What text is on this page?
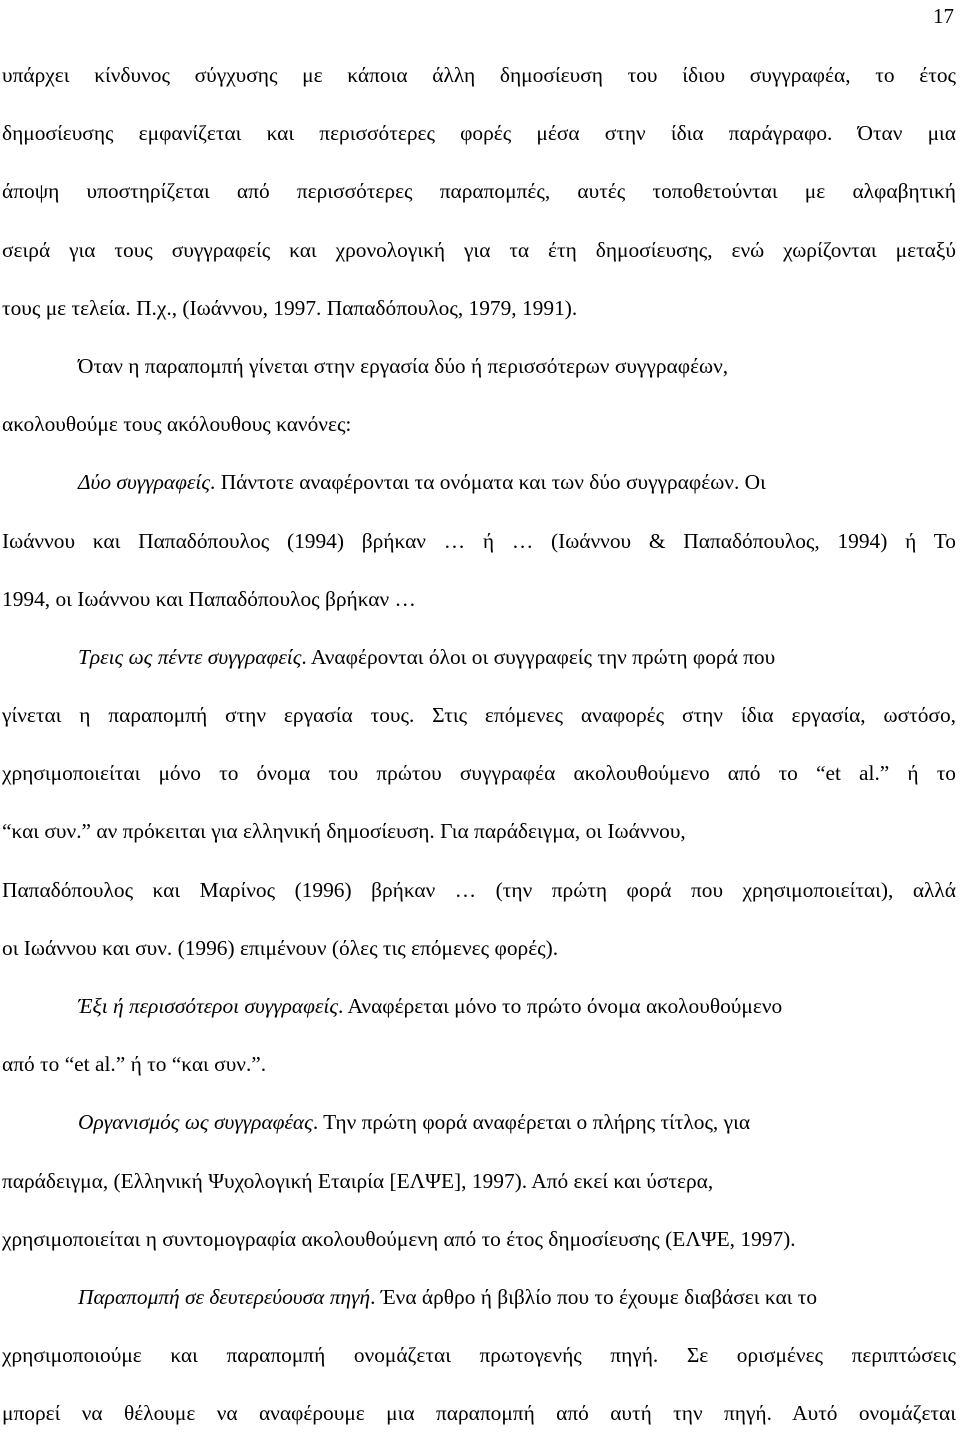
17
υπάρχει κίνδυνος σύγχυσης με κάποια άλλη δημοσίευση του ίδιου συγγραφέα, το έτος
δημοσίευσης εμφανίζεται και περισσότερες φορές μέσα στην ίδια παράγραφο. Όταν μια
άποψη υποστηρίζεται από περισσότερες παραπομπές, αυτές τοποθετούνται με αλφαβητική
σειρά για τους συγγραφείς και χρονολογική για τα έτη δημοσίευσης, ενώ χωρίζονται μεταξύ
τους με τελεία. Π.χ., (Ιωάννου, 1997. Παπαδόπουλος, 1979, 1991).
Όταν η παραπομπή γίνεται στην εργασία δύο ή περισσότερων συγγραφέων,
ακολουθούμε τους ακόλουθους κανόνες:
Δύο συγγραφείς. Πάντοτε αναφέρονται τα ονόματα και των δύο συγγραφέων. Οι
Ιωάννου και Παπαδόπουλος (1994) βρήκαν … ή … (Ιωάννου & Παπαδόπουλος, 1994) ή Το
1994, οι Ιωάννου και Παπαδόπουλος βρήκαν …
Τρεις ως πέντε συγγραφείς. Αναφέρονται όλοι οι συγγραφείς την πρώτη φορά που
γίνεται η παραπομπή στην εργασία τους. Στις επόμενες αναφορές στην ίδια εργασία, ωστόσο,
χρησιμοποιείται μόνο το όνομα του πρώτου συγγραφέα ακολουθούμενο από το “et al.” ή το
“και συν.” αν πρόκειται για ελληνική δημοσίευση. Για παράδειγμα, οι Ιωάννου,
Παπαδόπουλος και Μαρίνος (1996) βρήκαν … (την πρώτη φορά που χρησιμοποιείται), αλλά
οι Ιωάννου και συν. (1996) επιμένουν (όλες τις επόμενες φορές).
Έξι ή περισσότεροι συγγραφείς. Αναφέρεται μόνο το πρώτο όνομα ακολουθούμενο
από το “et al.” ή το “και συν.”.
Οργανισμός ως συγγραφέας. Την πρώτη φορά αναφέρεται ο πλήρης τίτλος, για
παράδειγμα, (Ελληνική Ψυχολογική Εταιρία [ΕΛΨΕ], 1997). Από εκεί και ύστερα,
χρησιμοποιείται η συντομογραφία ακολουθούμενη από το έτος δημοσίευσης (ΕΛΨΕ, 1997).
Παραπομπή σε δευτερεύουσα πηγή. Ένα άρθρο ή βιβλίο που το έχουμε διαβάσει και το
χρησιμοποιούμε και παραπομπή ονομάζεται πρωτογενής πηγή. Σε ορισμένες περιπτώσεις
μπορεί να θέλουμε να αναφέρουμε μια παραπομπή από αυτή την πηγή. Αυτό ονομάζεται
